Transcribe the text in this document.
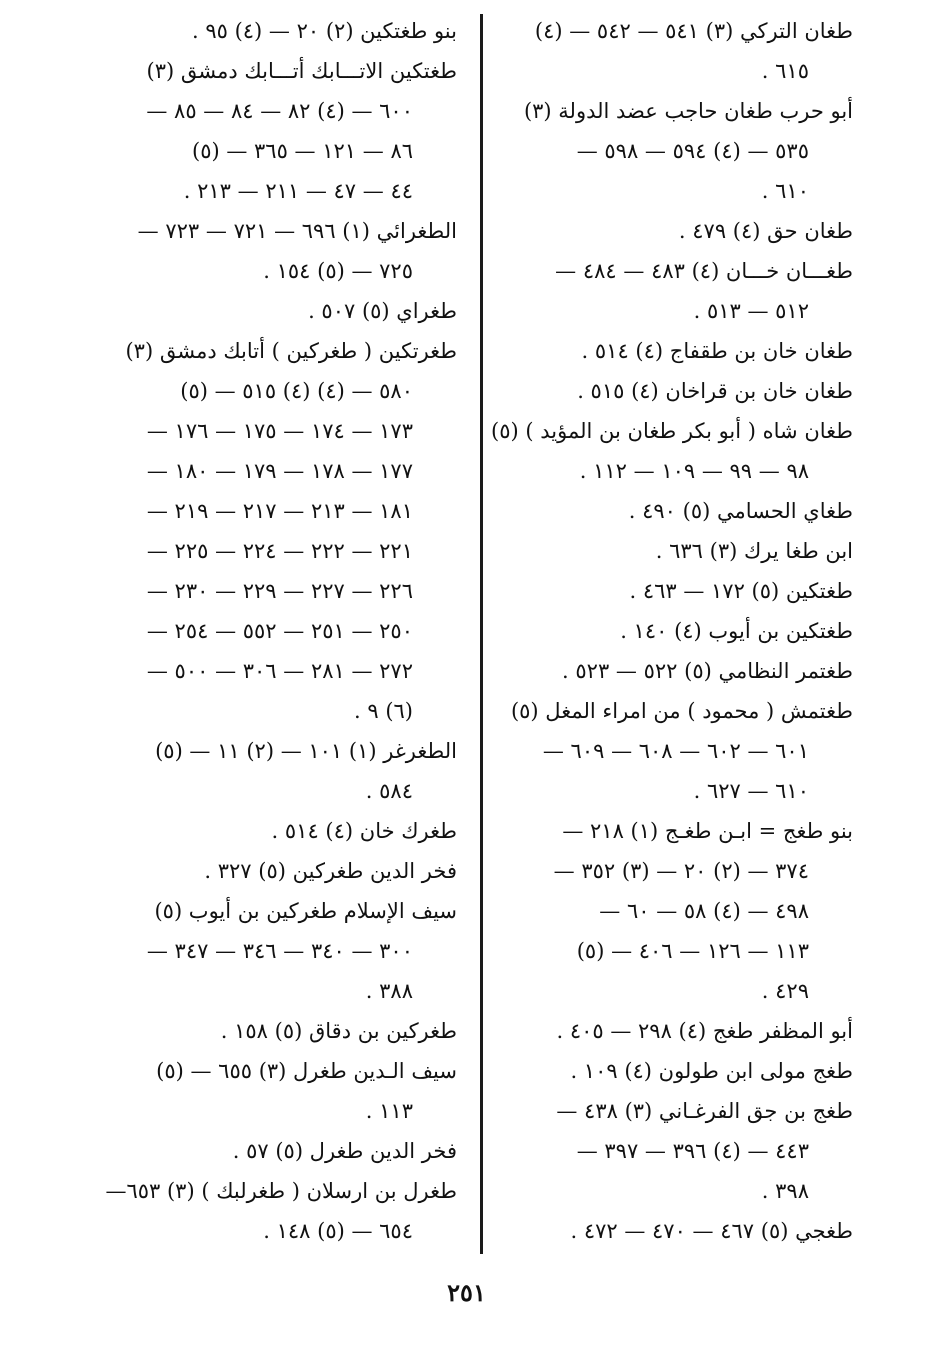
طغان التركي (٣) ٥٤١ — ٥٤٢ — (٤)
٦١٥ .
أبو حرب طغان حاجب عضد الدولة (٣)
٥٣٥ — (٤) ٥٩٤ — ٥٩٨ —
٦١٠ .
طغان حق (٤) ٤٧٩ .
طغـــان خـــان (٤) ٤٨٣ — ٤٨٤ —
٥١٢ — ٥١٣ .
طغان خان بن طقفاج (٤) ٥١٤ .
طغان خان بن قراخان (٤) ٥١٥ .
طغان شاه ( أبو بكر طغان بن المؤيد ) (٥)
٩٨ — ٩٩ — ١٠٩ — ١١٢ .
طغاي الحسامي (٥) ٤٩٠ .
ابن طغا يرك (٣) ٦٣٦ .
طغتكين (٥) ١٧٢ — ٤٦٣ .
طغتكين بن أيوب (٤) ١٤٠ .
طغتمر النظامي (٥) ٥٢٢ — ٥٢٣ .
طغتمش ( محمود ) من امراء المغل (٥)
٦٠١ — ٦٠٢ — ٦٠٨ — ٦٠٩ —
٦١٠ — ٦٢٧ .
بنو طغج = ابـن طغـج (١) ٢١٨ —
٣٧٤ — (٢) ٢٠ — (٣) ٣٥٢ —
٤٩٨ — (٤) ٥٨ — ٦٠ —
١١٣ — ١٢٦ — ٤٠٦ — (٥)
٤٢٩ .
أبو المظفر طغج (٤) ٢٩٨ — ٤٠٥ .
طغج مولى ابن طولون (٤) ١٠٩ .
طغج بن جق الفرغـاني (٣) ٤٣٨ —
٤٤٣ — (٤) ٣٩٦ — ٣٩٧ —
٣٩٨ .
طغجي (٥) ٤٦٧ — ٤٧٠ — ٤٧٢ .
بنو طغتكين (٢) ٢٠ — (٤) ٩٥ .
طغتكين الاتـــابك أتـــابك دمشق (٣)
٦٠٠ — (٤) ٨٢ — ٨٤ — ٨٥ —
٨٦ — ١٢١ — ٣٦٥ — (٥)
٤٤ — ٤٧ — ٢١١ — ٢١٣ .
الطغرائي (١) ٦٩٦ — ٧٢١ — ٧٢٣ —
٧٢٥ — (٥) ١٥٤ .
طغراي (٥) ٥٠٧ .
طغرتكين ( طغركين ) أتابك دمشق (٣)
٥٨٠ — (٤) (٤) ٥١٥ — (٥)
١٧٣ — ١٧٤ — ١٧٥ — ١٧٦ —
١٧٧ — ١٧٨ — ١٧٩ — ١٨٠ —
١٨١ — ٢١٣ — ٢١٧ — ٢١٩ —
٢٢١ — ٢٢٢ — ٢٢٤ — ٢٢٥ —
٢٢٦ — ٢٢٧ — ٢٢٩ — ٢٣٠ —
٢٥٠ — ٢٥١ — ٥٥٢ — ٢٥٤ —
٢٧٢ — ٢٨١ — ٣٠٦ — ٥٠٠ —
(٦) ٩ .
الطغرغر (١) ١٠١ — (٢) ١١ — (٥)
٥٨٤ .
طغرك خان (٤) ٥١٤ .
فخر الدين طغركين (٥) ٣٢٧ .
سيف الإسلام طغركين بن أيوب (٥)
٣٠٠ — ٣٤٠ — ٣٤٦ — ٣٤٧ —
٣٨٨ .
طغركين بن دقاق (٥) ١٥٨ .
سيف الـدين طغرل (٣) ٦٥٥ — (٥)
١١٣ .
فخر الدين طغرل (٥) ٥٧ .
طغرل بن ارسلان ( طغرلبك ) (٣) ٦٥٣—
٦٥٤ — (٥) ١٤٨ .
٢٥١
